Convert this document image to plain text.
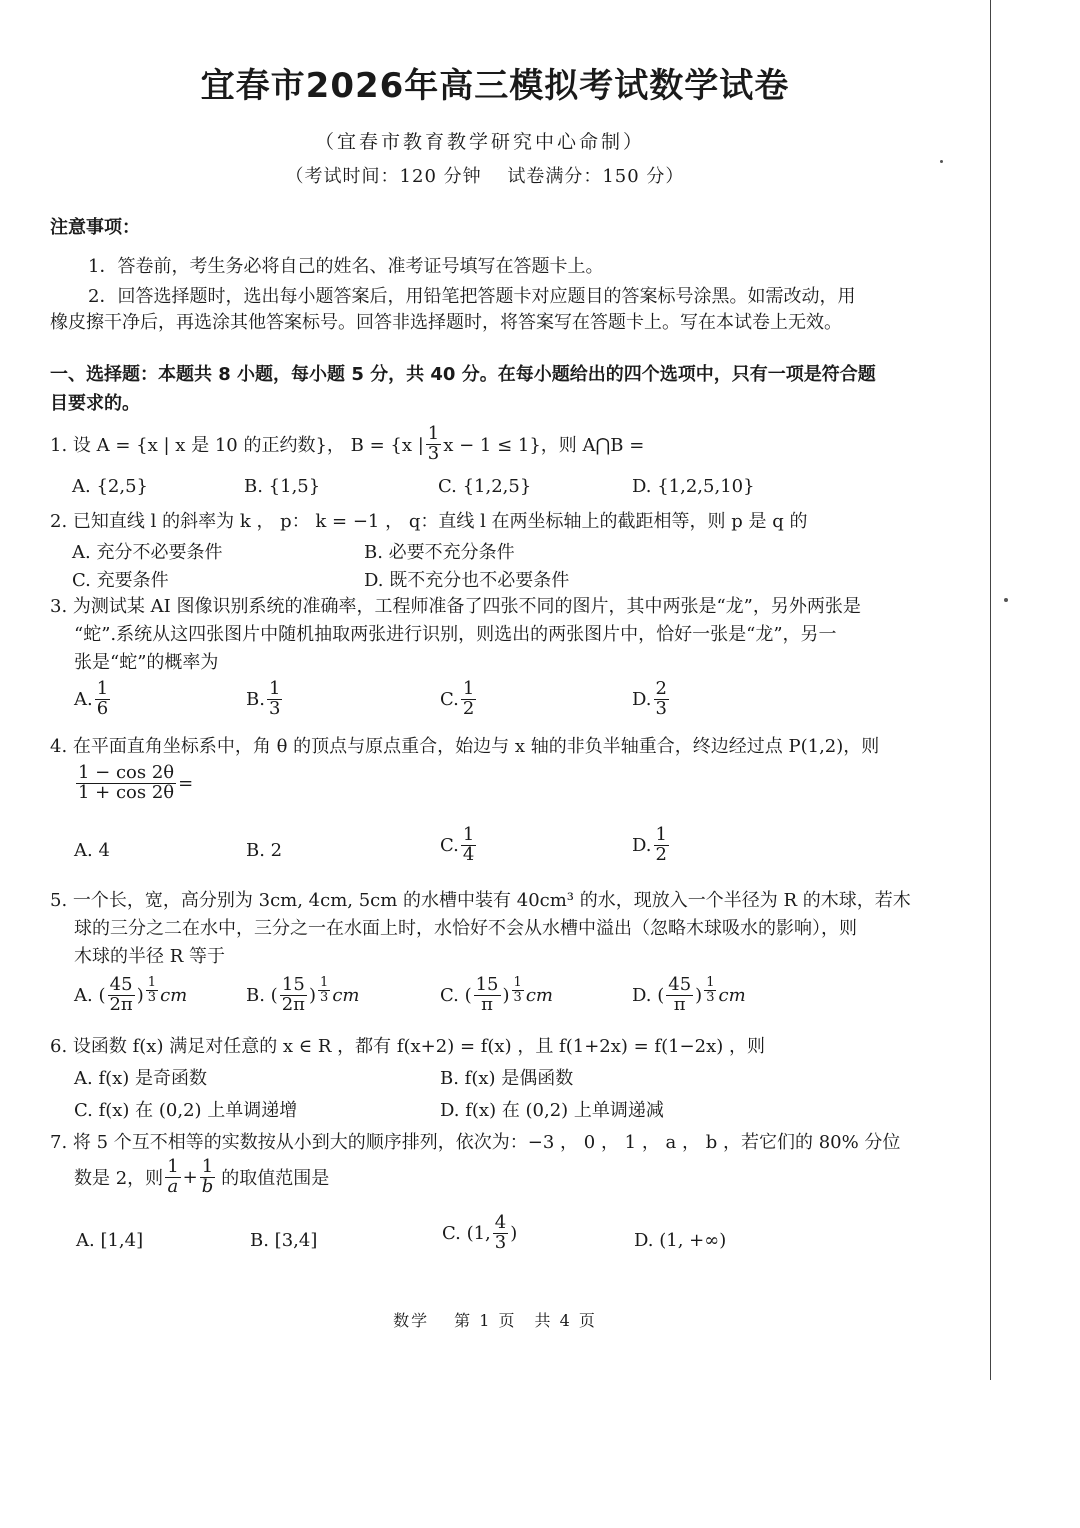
宜春市2026年高三模拟考试数学试卷
（宜春市教育教学研究中心命制）
（考试时间：120 分钟　 试卷满分：150 分）
注意事项：
1．答卷前，考生务必将自己的姓名、准考证号填写在答题卡上。
2．回答选择题时，选出每小题答案后，用铅笔把答题卡对应题目的答案标号涂黑。如需改动，用
橡皮擦干净后，再选涂其他答案标号。回答非选择题时，将答案写在答题卡上。写在本试卷上无效。
一、选择题：本题共 8 小题，每小题 5 分，共 40 分。在每小题给出的四个选项中，只有一项是符合题
目要求的。
1. 设 A = {x | x 是 10 的正约数}， B = {x | $\frac{1}{3}$ x − 1 ≤ 1}，则 A⋂B =
A. {2,5}	B. {1,5}	C. {1,2,5}	D. {1,2,5,10}
2. 已知直线 l 的斜率为 k ， p： k = −1 ， q：直线 l 在两坐标轴上的截距相等，则 p 是 q 的
A. 充分不必要条件	B. 必要不充分条件
C. 充要条件	D. 既不充分也不必要条件
3. 为测试某 AI 图像识别系统的准确率，工程师准备了四张不同的图片，其中两张是“龙”，另外两张是
“蛇”.系统从这四张图片中随机抽取两张进行识别，则选出的两张图片中，恰好一张是“龙”，另一
张是“蛇”的概率为
A. $\frac{1}{6}$	B. $\frac{1}{3}$	C. $\frac{1}{2}$	D. $\frac{2}{3}$
4. 在平面直角坐标系中，角 θ 的顶点与原点重合，始边与 x 轴的非负半轴重合，终边经过点 P(1,2)，则
$\frac{1 - \cos 2\theta}{1 + \cos 2\theta}$ =
A. 4	B. 2	C. $\frac{1}{4}$	D. $\frac{1}{2}$
5. 一个长，宽，高分别为 3cm, 4cm, 5cm 的水槽中装有 40cm³ 的水，现放入一个半径为 R 的木球，若木
球的三分之二在水中，三分之一在水面上时，水恰好不会从水槽中溢出（忽略木球吸水的影响），则
木球的半径 R 等于
A. ( $\frac{45}{2\pi}$ ) $\frac{1}{3}$ cm	B. ( $\frac{15}{2\pi}$ ) $\frac{1}{3}$ cm	C. ( $\frac{15}{\pi}$ ) $\frac{1}{3}$ cm	D. ( $\frac{45}{\pi}$ ) $\frac{1}{3}$ cm
6. 设函数 f(x) 满足对任意的 x ∈ R ，都有 f(x+2) = f(x) ，且 f(1+2x) = f(1−2x) ，则
A. f(x) 是奇函数	B. f(x) 是偶函数
C. f(x) 在 (0,2) 上单调递增	D. f(x) 在 (0,2) 上单调递减
7. 将 5 个互不相等的实数按从小到大的顺序排列，依次为：−3 ， 0 ， 1 ， a ， b ，若它们的 80% 分位
数是 2，则 $\frac{1}{a} + \frac{1}{b}$ 的取值范围是
A. [1,4]	B. [3,4]	C. (1, $\frac{4}{3}$ )	D. (1, +∞)
数学　 第 1 页　共 4 页
